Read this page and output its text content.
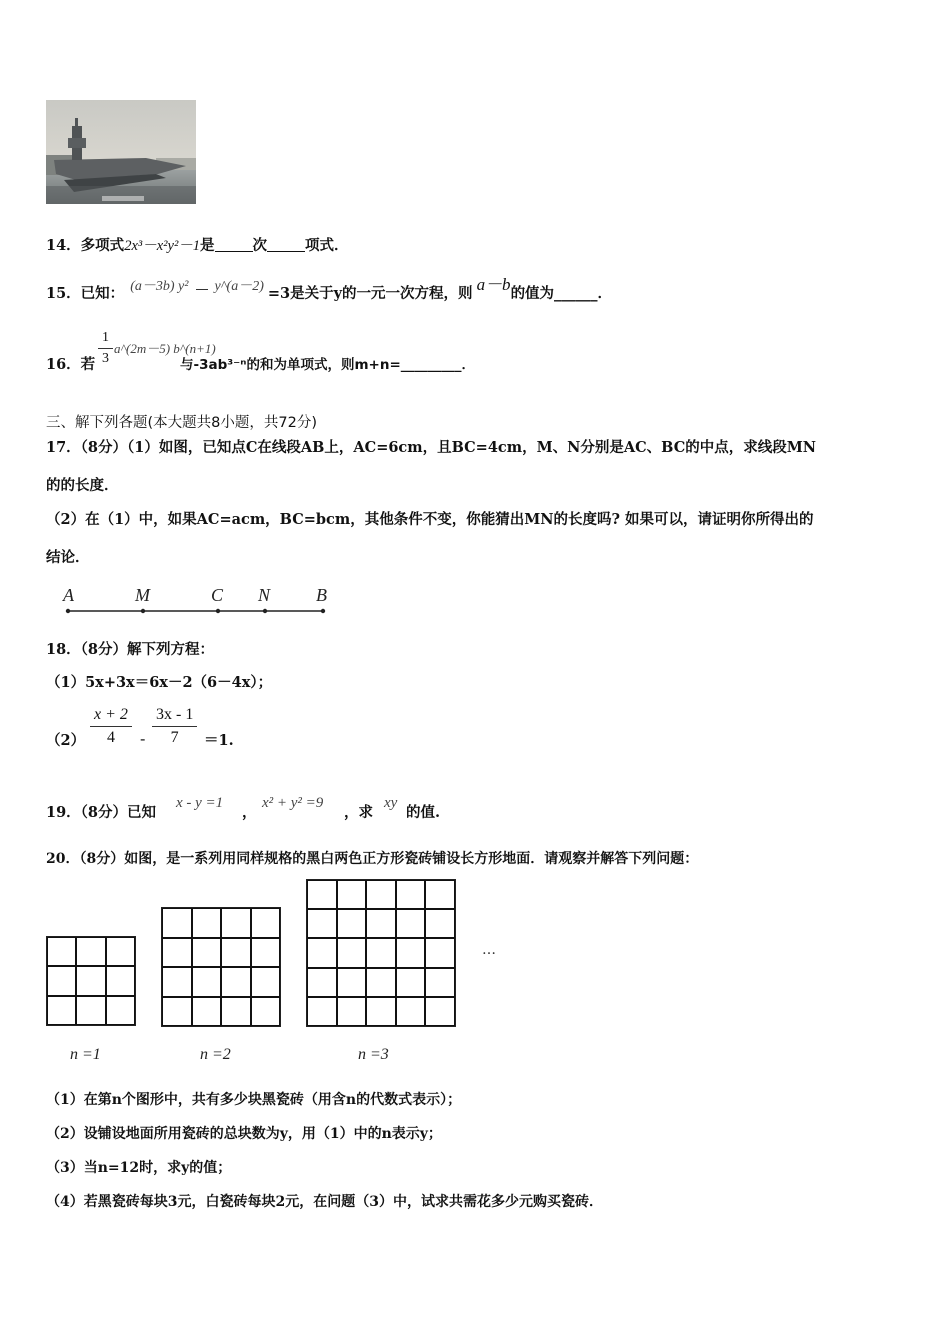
14．多项式2x³－x²y²－1是	次	项式．
15．已知： (a－3b) y² y^(a－2) =3是关于y的一元一次方程，则 a－b的值为______．
16．若 $\frac{1}{3}$ a^(2m－5) b^(n+1)
与-3ab³⁻ⁿ的和为单项式，则m+n=_________．
三、解下列各题(本大题共8小题，共72分)
17．（8分）（1）如图，已知点C在线段AB上，AC=6cm，且BC=4cm，M、N分别是AC、BC的中点，求线段MN
的的长度．
（2）在（1）中，如果AC=acm，BC=bcm，其他条件不变，你能猜出MN的长度吗? 如果可以，请证明你所得出的
结论．
A	M	C N	B
18．（8分）解下列方程：
（1）5x+3x＝6x－2（6－4x）；
$(2) \frac{x + 2}{4} - \frac{3x - 1}{7} =1$.
19．（8分）已知
x - y =1
，
x² + y² =9
，求
xy
的值.
20．（8分）如图，是一系列用同样规格的黑白两色正方形瓷砖铺设长方形地面．请观察并解答下列问题：
…
n =1	n =2	n =3
（1）在第n个图形中，共有多少块黑瓷砖（用含n的代数式表示）；
（2）设铺设地面所用瓷砖的总块数为y，用（1）中的n表示y；
（3）当n=12时，求y的值；
（4）若黑瓷砖每块3元，白瓷砖每块2元，在问题（3）中，试求共需花多少元购买瓷砖．
